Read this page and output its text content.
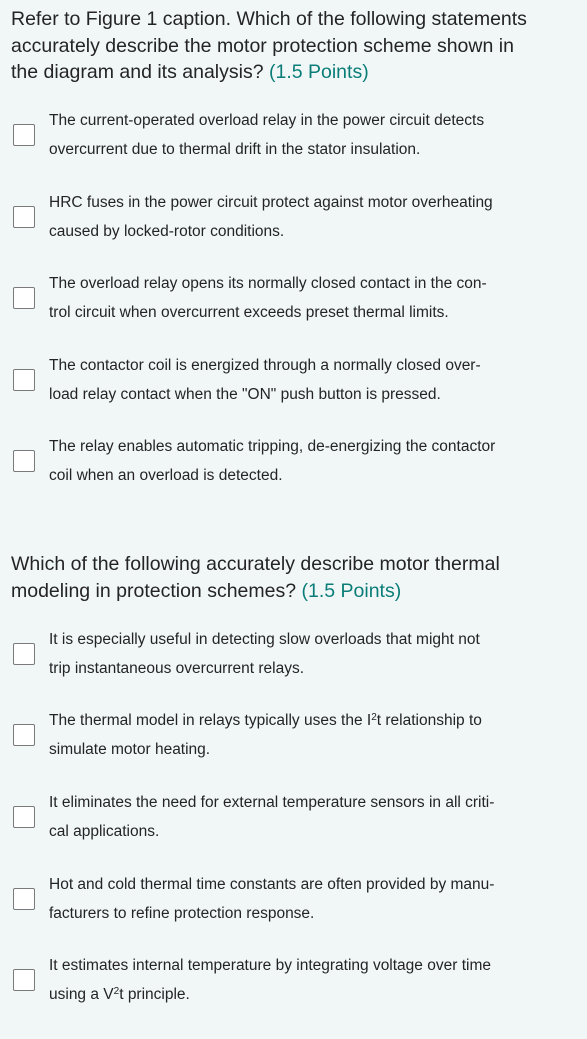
Refer to Figure 1 caption. Which of the following statements
accurately describe the motor protection scheme shown in
the diagram and its analysis? (1.5 Points)

The current-operated overload relay in the power circuit detects
overcurrent due to thermal drift in the stator insulation.

HRC fuses in the power circuit protect against motor overheating
caused by locked-rotor conditions.

The overload relay opens its normally closed contact in the con-
trol circuit when overcurrent exceeds preset thermal limits.

The contactor coil is energized through a normally closed over-
load relay contact when the "ON" push button is pressed.

The relay enables automatic tripping, de-energizing the contactor
coil when an overload is detected.

Which of the following accurately describe motor thermal
modeling in protection schemes? (1.5 Points)

It is especially useful in detecting slow overloads that might not
trip instantaneous overcurrent relays.

The thermal model in relays typically uses the $I^2t$ relationship to
simulate motor heating.

It eliminates the need for external temperature sensors in all criti-
cal applications.

Hot and cold thermal time constants are often provided by manu-
facturers to refine protection response.

It estimates internal temperature by integrating voltage over time
using a $V^2t$ principle.
